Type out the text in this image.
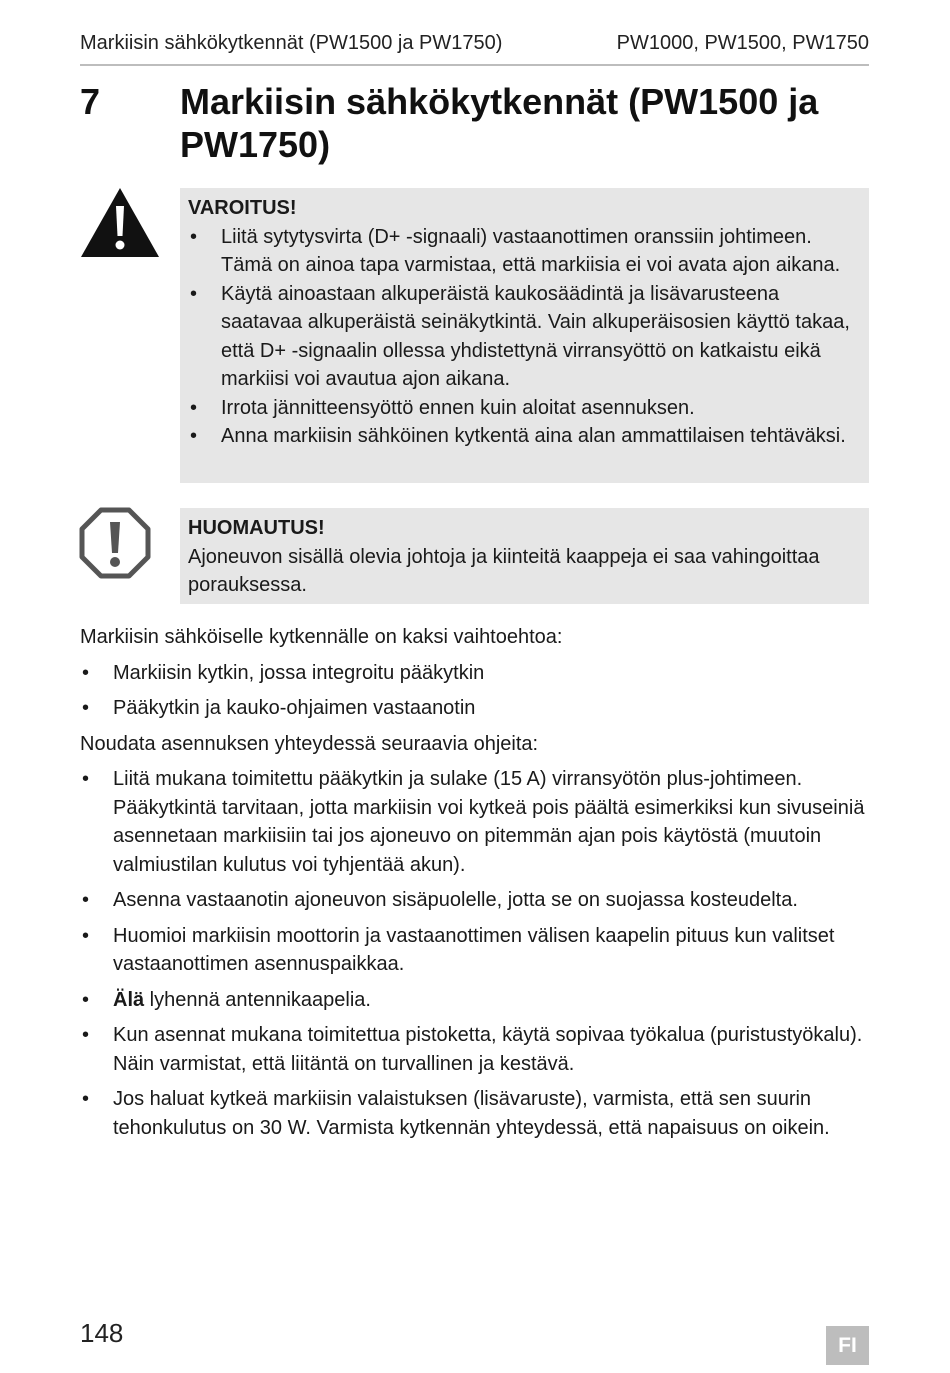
Markiisin sähkökytkennät (PW1500 ja PW1750)	PW1000, PW1500, PW1750
7 Markiisin sähkökytkennät (PW1500 ja PW1750)
VAROITUS!
• Liitä sytytysvirta (D+ -signaali) vastaanottimen oranssiin johtimeen. Tämä on ainoa tapa varmistaa, että markiisia ei voi avata ajon aikana.
• Käytä ainoastaan alkuperäistä kaukosäädintä ja lisävarusteena saatavaa alkuperäistä seinäkytkintä. Vain alkuperäisosien käyttö takaa, että D+ -signaalin ollessa yhdistettynä virransyöttö on katkaistu eikä markiisi voi avautua ajon aikana.
• Irrota jännitteensyöttö ennen kuin aloitat asennuksen.
• Anna markiisin sähköinen kytkentä aina alan ammattilaisen tehtäväksi.
HUOMAUTUS!
Ajoneuvon sisällä olevia johtoja ja kiinteitä kaappeja ei saa vahingoittaa porauksessa.

Markiisin sähköiselle kytkennälle on kaksi vaihtoehtoa:

• Markiisin kytkin, jossa integroitu pääkytkin
• Pääkytkin ja kauko-ohjaimen vastaanotin

Noudata asennuksen yhteydessä seuraavia ohjeita:

• Liitä mukana toimitettu pääkytkin ja sulake (15 A) virransyötön plus-johtimeen. Pääkytkintä tarvitaan, jotta markiisin voi kytkeä pois päältä esimerkiksi kun sivuseiniä asennetaan markiisiin tai jos ajoneuvo on pitemmän ajan pois käytöstä (muutoin valmiustilan kulutus voi tyhjentää akun).
• Asenna vastaanotin ajoneuvon sisäpuolelle, jotta se on suojassa kosteudelta.
• Huomioi markiisin moottorin ja vastaanottimen välisen kaapelin pituus kun valitset vastaanottimen asennuspaikkaa.
• Älä lyhennä antennikaapelia.
• Kun asennat mukana toimitettua pistoketta, käytä sopivaa työkalua (puristustyökalu). Näin varmistat, että liitäntä on turvallinen ja kestävä.
• Jos haluat kytkeä markiisin valaistuksen (lisävaruste), varmista, että sen suurin tehonkulutus on 30 W. Varmista kytkennän yhteydessä, että napaisuus on oikein.
148	FI
